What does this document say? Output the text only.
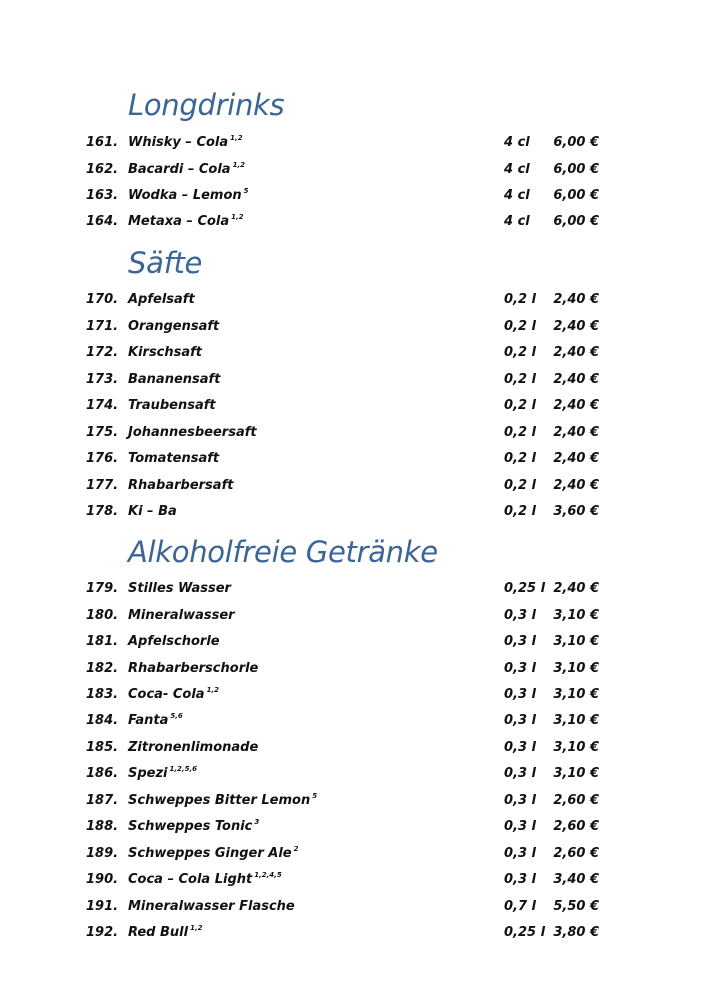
Longdrinks
Säfte
Alkoholfreie Getränke
161. Whisky – Cola $^{1,2}$	4 cl	6,00 €
162. Bacardi – Cola $^{1,2}$	4 cl	6,00 €
163. Wodka – Lemon $^5$	4 cl	6,00 €
164. Metaxa – Cola $^{1,2}$	4 cl	6,00 €
170. Apfelsaft	0,2 l	2,40 €
171. Orangensaft	0,2 l	2,40 €
172. Kirschsaft	0,2 l	2,40 €
173. Bananensaft	0,2 l	2,40 €
174. Traubensaft	0,2 l	2,40 €
175. Johannesbeersaft	0,2 l	2,40 €
176. Tomatensaft	0,2 l	2,40 €
177. Rhabarbersaft	0,2 l	2,40 €
178. Ki – Ba	0,2 l	3,60 €
179. Stilles Wasser	0,25 l 2,40 €
180. Mineralwasser	0,3 l	3,10 €
181. Apfelschorle	0,3 l	3,10 €
182. Rhabarberschorle	0,3 l	3,10 €
183. Coca- Cola $^{1,2}$	0,3 l	3,10 €
184. Fanta $^{5,6}$	0,3 l	3,10 €
185. Zitronenlimonade	0,3 l	3,10 €
186. Spezi $^{1,2,5,6}$	0,3 l	3,10 €
187. Schweppes Bitter Lemon $^5$	0,3 l	2,60 €
188. Schweppes Tonic $^3$	0,3 l	2,60 €
189. Schweppes Ginger Ale $^2$	0,3 l	2,60 €
190. Coca – Cola Light $^{1,2,4,5}$	0,3 l	3,40 €
191. Mineralwasser Flasche	0,7 l	5,50 €
192. Red Bull $^{1,2}$	0,25 l 3,80 €
